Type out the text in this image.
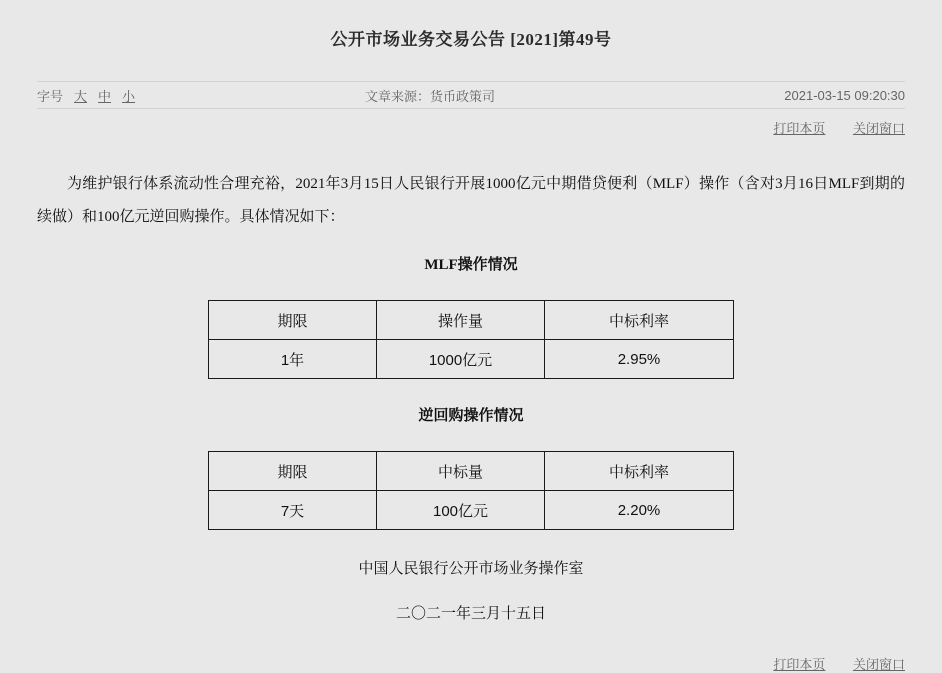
公开市场业务交易公告 [2021]第49号
字号 大 中 小	文章来源：货币政策司	2021-03-15 09:20:30
打印本页 关闭窗口

为维护银行体系流动性合理充裕，2021年3月15日人民银行开展1000亿元中期借贷便利（MLF）操作（含对3月16日MLF到期的续做）和100亿元逆回购操作。具体情况如下：

MLF操作情况
期限	操作量	中标利率
1年	1000亿元	2.95%
逆回购操作情况
期限	中标量	中标利率
7天	100亿元	2.20%
中国人民银行公开市场业务操作室
二〇二一年三月十五日
打印本页 关闭窗口
